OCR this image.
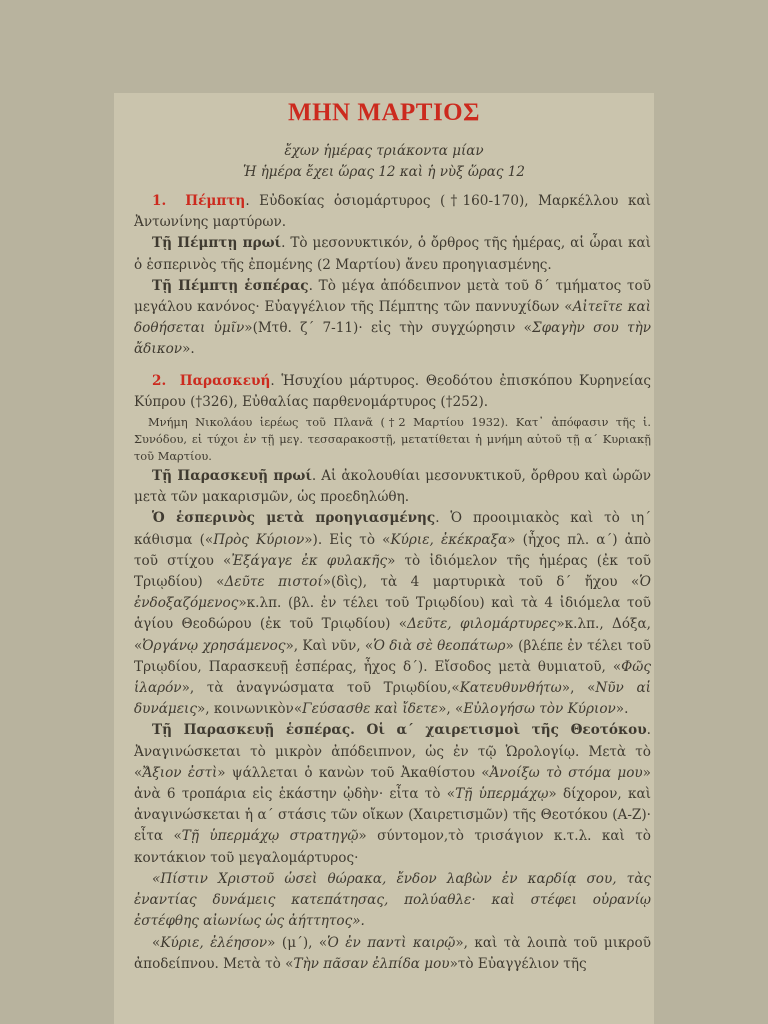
ΜΗΝ ΜΑΡΤΙΟΣ

ἔχων ἡμέρας τριάκοντα μίαν

Ἡ ἡμέρα ἔχει ὥρας 12 καὶ ἡ νὺξ ὥρας 12

1. Πέμπτη. Εὐδοκίας ὁσιομάρτυρος (†160-170), Μαρκέλλου καὶ Ἀντωνίνης μαρτύρων.

Τῇ Πέμπτῃ πρωί. Τὸ μεσονυκτικόν, ὁ ὄρθρος τῆς ἡμέρας, αἱ ὧραι καὶ ὁ ἑσπερινὸς τῆς ἐπομένης (2 Μαρτίου) ἄνευ προηγιασμένης.

Τῇ Πέμπτῃ ἑσπέρας. Τὸ μέγα ἀπόδειπνον μετὰ τοῦ δ΄ τμήματος τοῦ μεγάλου κανόνος· Εὐαγγέλιον τῆς Πέμπτης τῶν παννυχίδων «Αἰτεῖτε καὶ δοθήσεται ὑμῖν»(Μτθ. ζ΄ 7-11)· εἰς τὴν συγχώρησιν «Σφαγὴν σου τὴν ἄδικον».

2. Παρασκευή. Ἡσυχίου μάρτυρος. Θεοδότου ἐπισκόπου Κυρηνείας Κύπρου (†326), Εὐθαλίας παρθενομάρτυρος (†252).

Μνήμη Νικολάου ἱερέως τοῦ Πλανᾶ (†2 Μαρτίου 1932). Κατ᾽ ἀπόφασιν τῆς ἱ. Συνόδου, εἰ τύχοι ἐν τῇ μεγ. τεσσαρακοστῇ, μετατίθεται ἡ μνήμη αὐτοῦ τῇ α΄ Κυριακῇ τοῦ Μαρτίου.

Τῇ Παρασκευῇ πρωί. Αἱ ἀκολουθίαι μεσονυκτικοῦ, ὄρθρου καὶ ὡρῶν μετὰ τῶν μακαρισμῶν, ὡς προεδηλώθη.

Ὁ ἑσπερινὸς μετὰ προηγιασμένης. Ὁ προοιμιακὸς καὶ τὸ ιη΄ κάθισμα («Πρὸς Κύριον»). Εἰς τὸ «Κύριε, ἐκέκραξα» (ἦχος πλ. α΄) ἀπὸ τοῦ στίχου «Ἐξάγαγε ἐκ φυλακῆς» τὸ ἰδιόμελον τῆς ἡμέρας (ἐκ τοῦ Τριῳδίου) «Δεῦτε πιστοί»(δὶς), τὰ 4 μαρτυρικὰ τοῦ δ΄ ἤχου «Ὁ ἐνδοξαζόμενος»κ.λπ. (βλ. ἐν τέλει τοῦ Τριῳδίου) καὶ τὰ 4 ἰδιόμελα τοῦ ἁγίου Θεοδώρου (ἐκ τοῦ Τριῳδίου) «Δεῦτε, φιλομάρτυρες»κ.λπ., Δόξα, «Ὀργάνῳ χρησάμενος», Καὶ νῦν, «Ὁ διὰ σὲ θεοπάτωρ» (βλέπε ἐν τέλει τοῦ Τριῳδίου, Παρασκευῇ ἑσπέρας, ἦχος δ΄). Εἴσοδος μετὰ θυμιατοῦ, «Φῶς ἱλαρόν», τὰ ἀναγνώσματα τοῦ Τριῳδίου,«Κατευθυνθήτω», «Νῦν αἱ δυνάμεις», κοινωνικὸν«Γεύσασθε καὶ ἴδετε», «Εὐλογήσω τὸν Κύριον».

Τῇ Παρασκευῇ ἑσπέρας. Οἱ α΄ χαιρετισμοὶ τῆς Θεοτόκου. Ἀναγινώσκεται τὸ μικρὸν ἀπόδειπνον, ὡς ἐν τῷ Ὡρολογίῳ. Μετὰ τὸ «Ἄξιον ἐστὶ» ψάλλεται ὁ κανὼν τοῦ Ἀκαθίστου «Ἀνοίξω τὸ στόμα μου» ἀνὰ 6 τροπάρια εἰς ἑκάστην ᾠδὴν· εἶτα τὸ «Τῇ ὑπερμάχῳ» δίχορον, καὶ ἀναγινώσκεται ἡ α΄ στάσις τῶν οἴκων (Χαιρετισμῶν) τῆς Θεοτόκου (Α-Ζ)· εἶτα «Τῇ ὑπερμάχῳ στρατηγῷ» σύντομον,τὸ τρισάγιον κ.τ.λ. καὶ τὸ κοντάκιον τοῦ μεγαλομάρτυρος·

«Πίστιν Χριστοῦ ὡσεὶ θώρακα, ἔνδον λαβὼν ἐν καρδίᾳ σου, τὰς ἐναντίας δυνάμεις κατεπάτησας, πολύαθλε· καὶ στέφει οὐρανίῳ ἐστέφθης αἰωνίως ὡς ἀήττητος».

«Κύριε, ἐλέησον» (μ΄), «Ὁ ἐν παντὶ καιρῷ», καὶ τὰ λοιπὰ τοῦ μικροῦ ἀποδείπνου. Μετὰ τὸ «Τὴν πᾶσαν ἐλπίδα μου»τὸ Εὐαγγέλιον τῆς
